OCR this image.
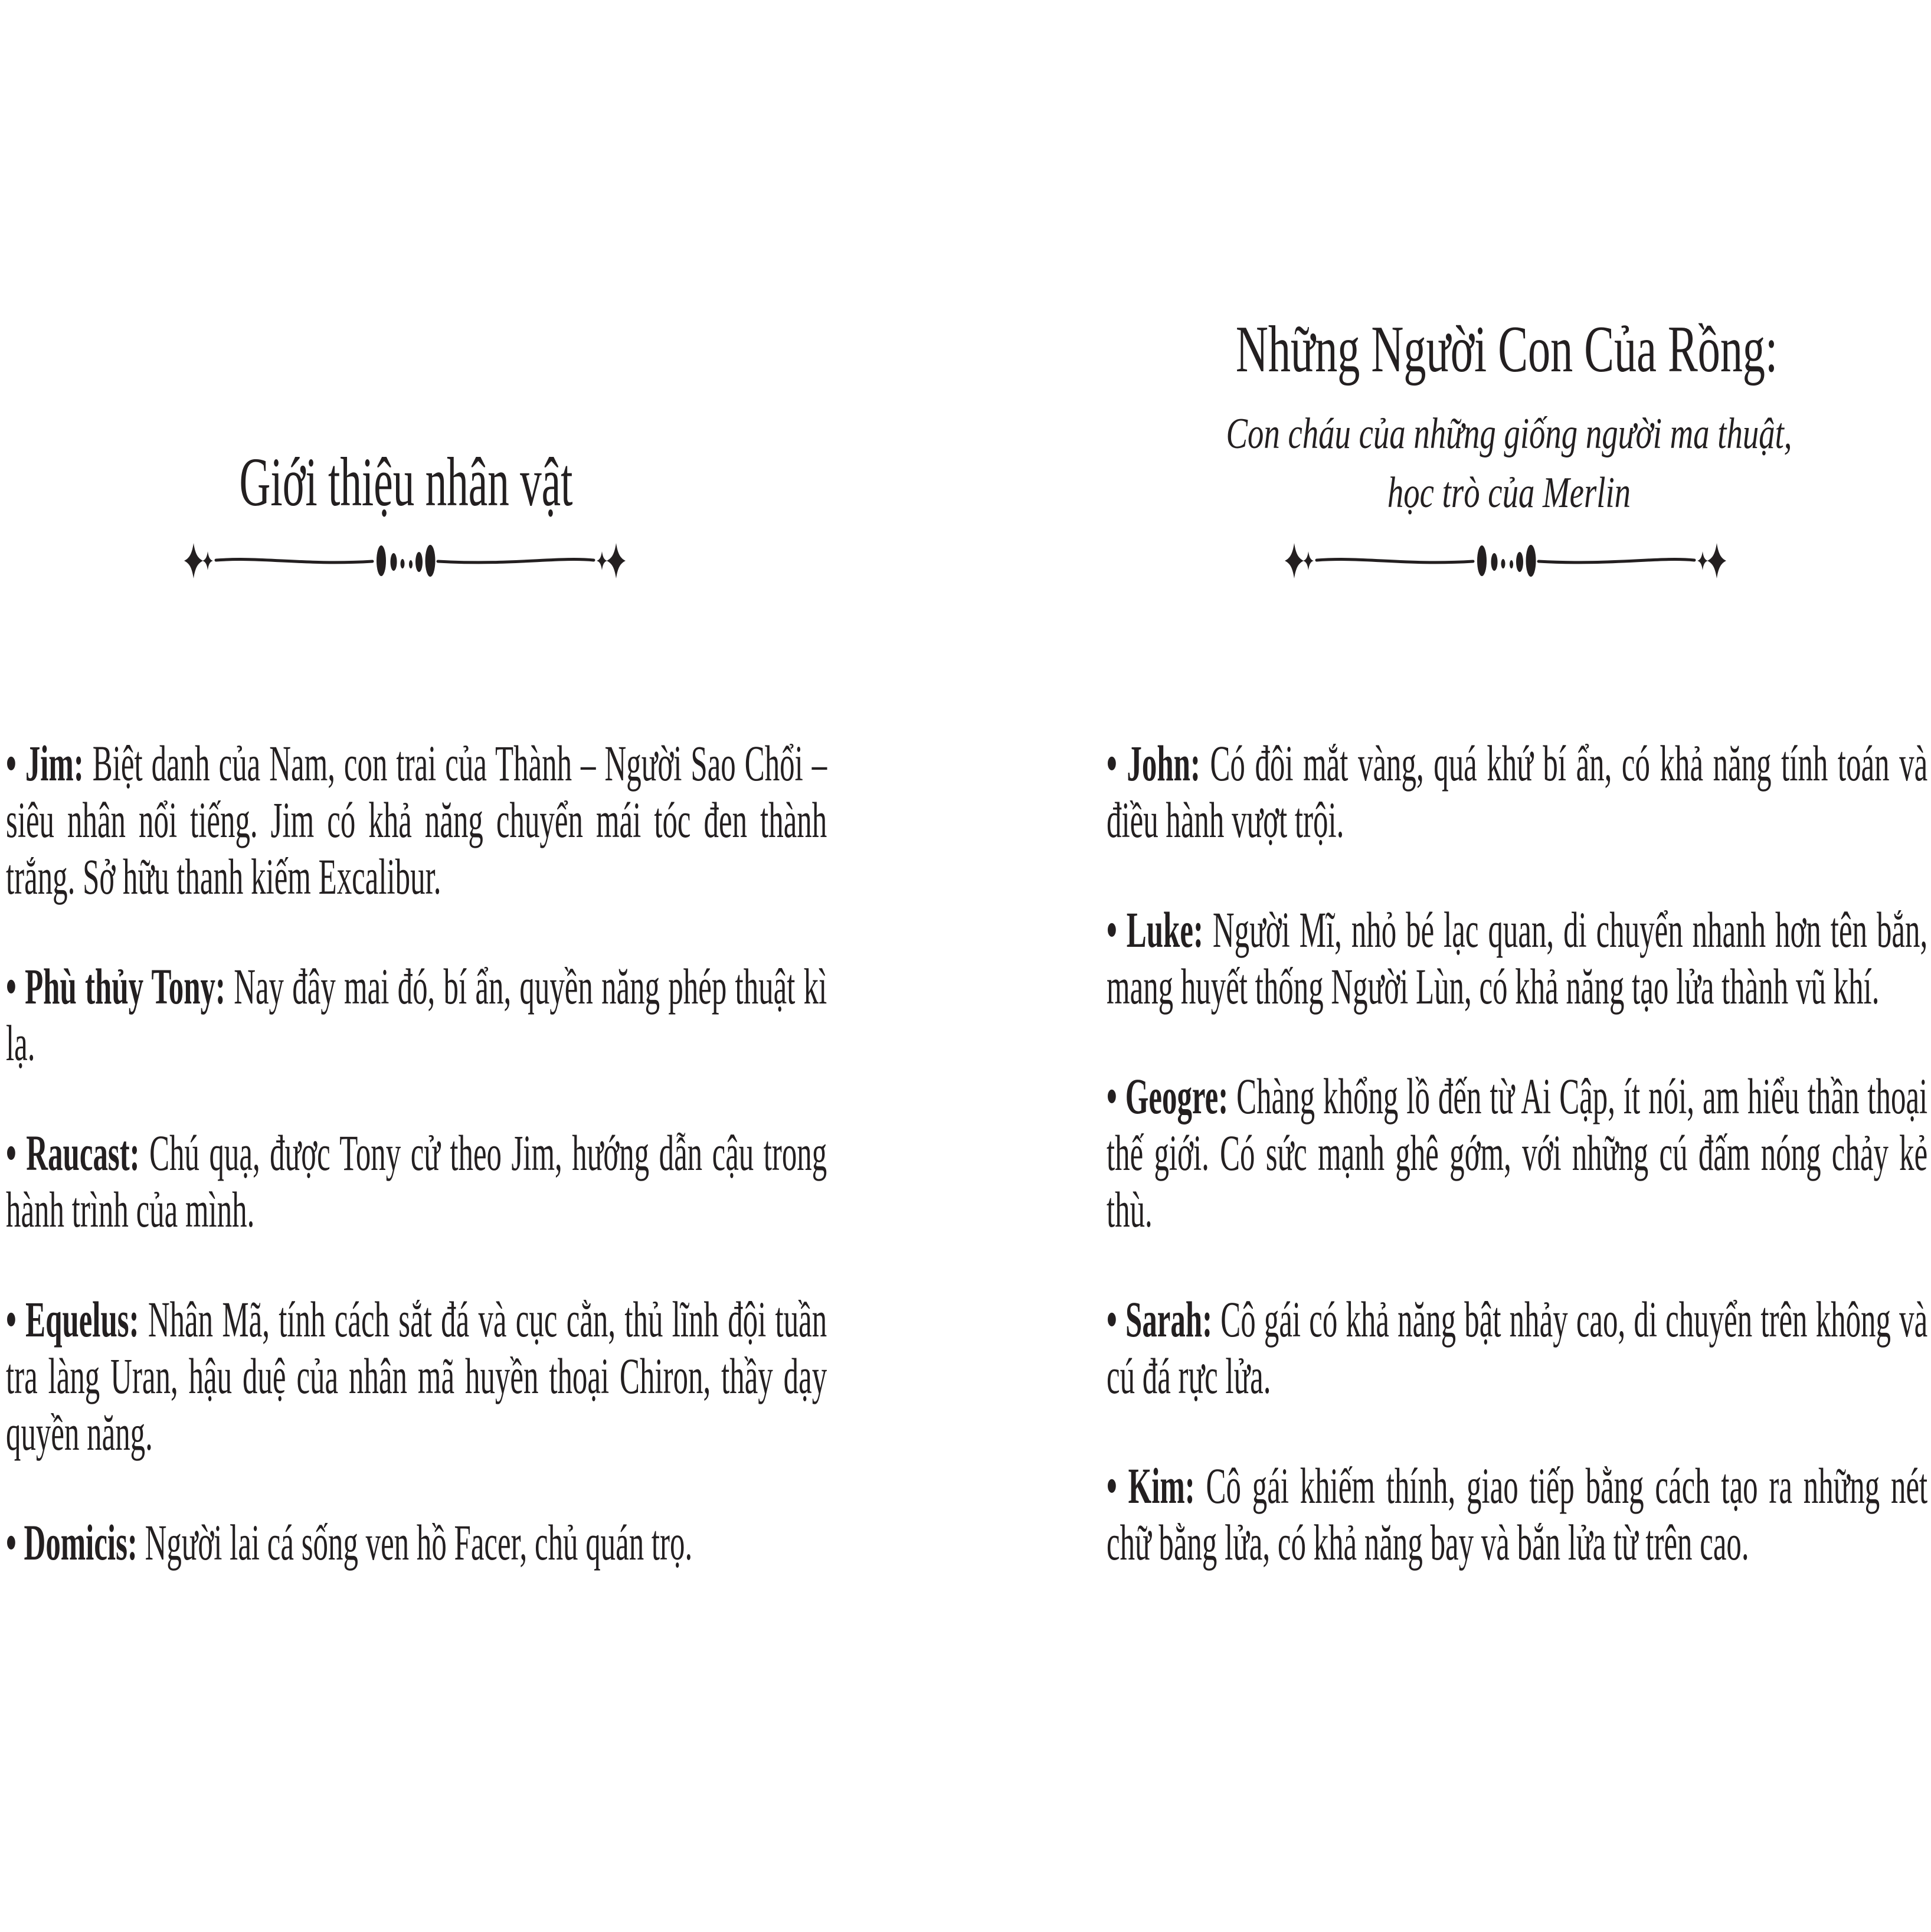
Giới thiệu nhân vật

• Jim: Biệt danh của Nam, con trai của Thành – Người Sao Chổi – siêu nhân nổi tiếng. Jim có khả năng chuyển mái tóc đen thành trắng. Sở hữu thanh kiếm Excalibur.

• Phù thủy Tony: Nay đây mai đó, bí ẩn, quyền năng phép thuật kì lạ.

• Raucast: Chú quạ, được Tony cử theo Jim, hướng dẫn cậu trong hành trình của mình.

• Equelus: Nhân Mã, tính cách sắt đá và cục cằn, thủ lĩnh đội tuần tra làng Uran, hậu duệ của nhân mã huyền thoại Chiron, thầy dạy quyền năng.

• Domicis: Người lai cá sống ven hồ Facer, chủ quán trọ.

Những Người Con Của Rồng:
Con cháu của những giống người ma thuật,
học trò của Merlin

• John: Có đôi mắt vàng, quá khứ bí ẩn, có khả năng tính toán và điều hành vượt trội.

• Luke: Người Mĩ, nhỏ bé lạc quan, di chuyển nhanh hơn tên bắn, mang huyết thống Người Lùn, có khả năng tạo lửa thành vũ khí.

• Geogre: Chàng khổng lồ đến từ Ai Cập, ít nói, am hiểu thần thoại thế giới. Có sức mạnh ghê gớm, với những cú đấm nóng chảy kẻ thù.

• Sarah: Cô gái có khả năng bật nhảy cao, di chuyển trên không và cú đá rực lửa.

• Kim: Cô gái khiếm thính, giao tiếp bằng cách tạo ra những nét chữ bằng lửa, có khả năng bay và bắn lửa từ trên cao.
